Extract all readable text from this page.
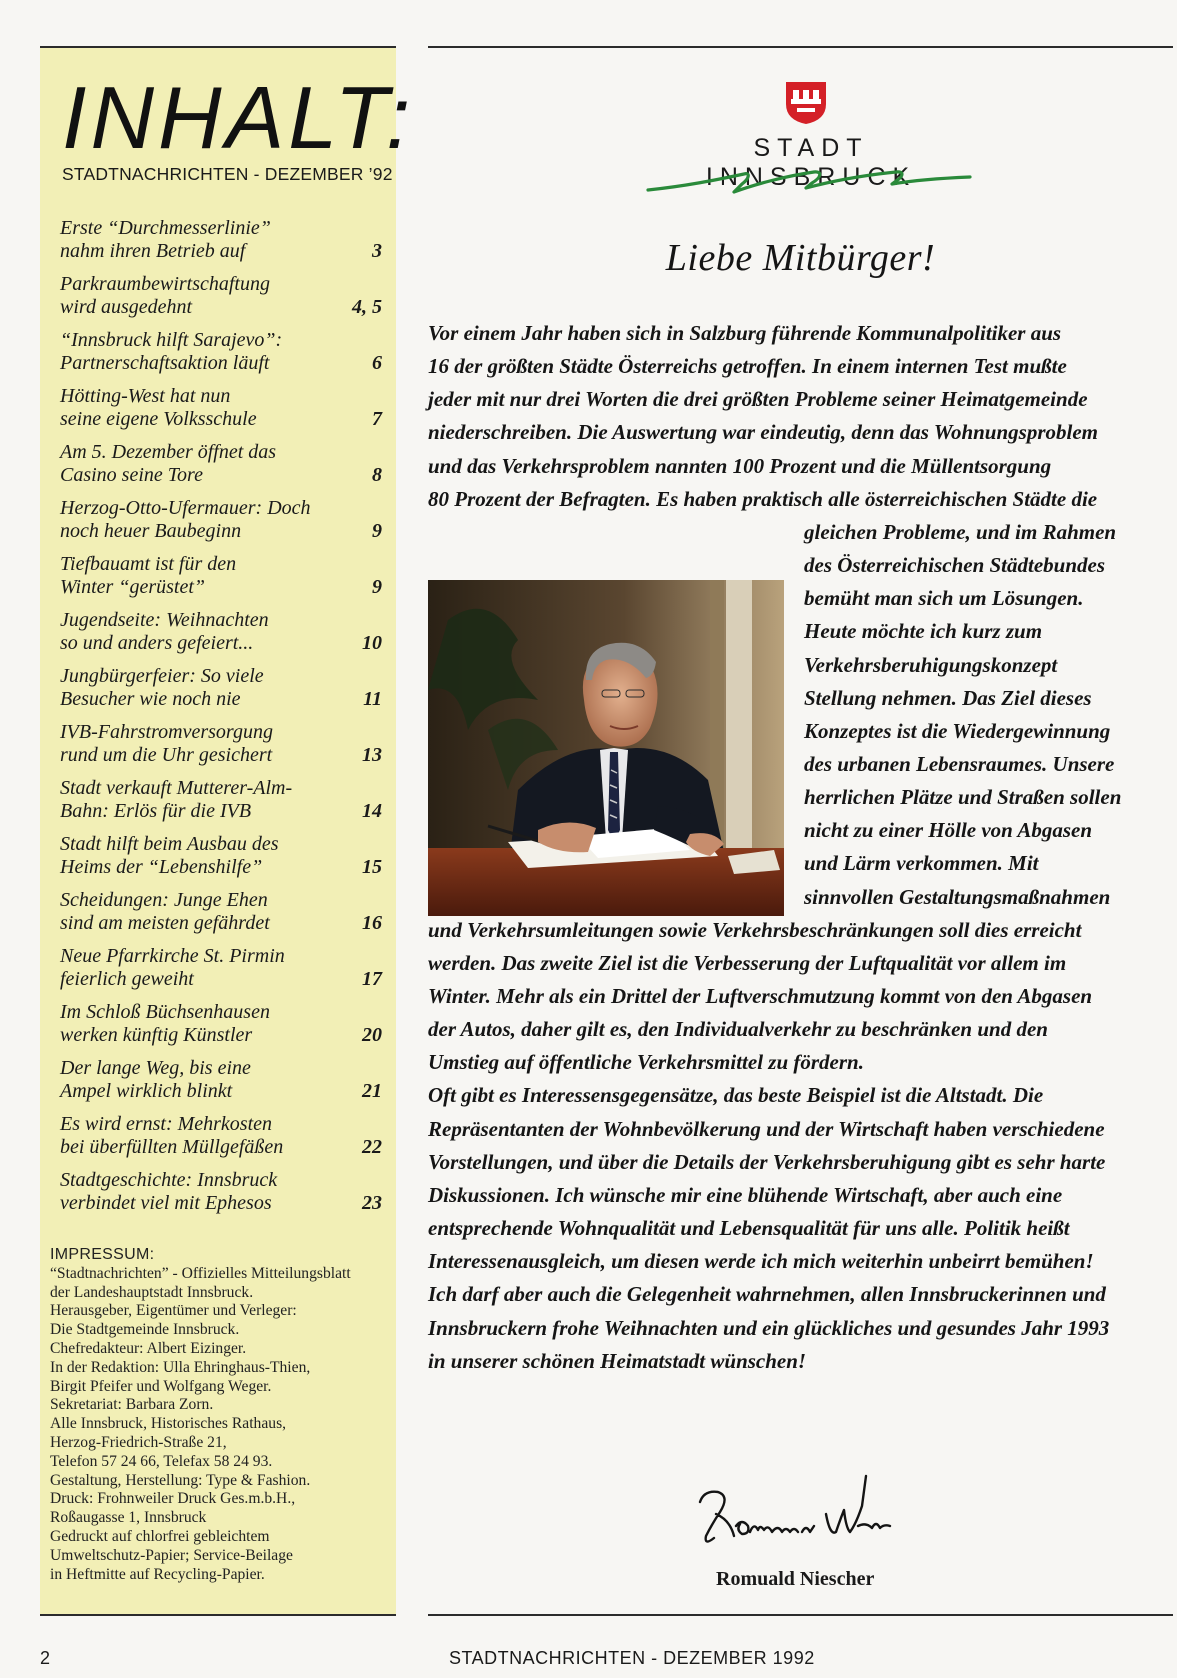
INHALT:
STADTNACHRICHTEN - DEZEMBER ’92
Erste “Durchmesserlinie”
nahm ihren Betrieb auf	3
Parkraumbewirtschaftung
wird ausgedehnt	4, 5
“Innsbruck hilft Sarajevo”:
Partnerschaftsaktion läuft	6
Hötting-West hat nun
seine eigene Volksschule	7
Am 5. Dezember öffnet das
Casino seine Tore	8
Herzog-Otto-Ufermauer: Doch
noch heuer Baubeginn	9
Tiefbauamt ist für den
Winter “gerüstet”	9
Jugendseite: Weihnachten
so und anders gefeiert...	10
Jungbürgerfeier: So viele
Besucher wie noch nie	11
IVB-Fahrstromversorgung
rund um die Uhr gesichert	13
Stadt verkauft Mutterer-Alm-
Bahn: Erlös für die IVB	14
Stadt hilft beim Ausbau des
Heims der “Lebenshilfe”	15
Scheidungen: Junge Ehen
sind am meisten gefährdet	16
Neue Pfarrkirche St. Pirmin
feierlich geweiht	17
Im Schloß Büchsenhausen
werken künftig Künstler	20
Der lange Weg, bis eine
Ampel wirklich blinkt	21
Es wird ernst: Mehrkosten
bei überfüllten Müllgefäßen	22
Stadtgeschichte: Innsbruck
verbindet viel mit Ephesos	23
IMPRESSUM:
“Stadtnachrichten” - Offizielles Mitteilungsblatt
der Landeshauptstadt Innsbruck.
Herausgeber, Eigentümer und Verleger:
Die Stadtgemeinde Innsbruck.
Chefredakteur: Albert Eizinger.
In der Redaktion: Ulla Ehringhaus-Thien,
Birgit Pfeifer und Wolfgang Weger.
Sekretariat: Barbara Zorn.
Alle Innsbruck, Historisches Rathaus,
Herzog-Friedrich-Straße 21,
Telefon 57 24 66, Telefax 58 24 93.
Gestaltung, Herstellung: Type & Fashion.
Druck: Frohnweiler Druck Ges.m.b.H.,
Roßaugasse 1, Innsbruck
Gedruckt auf chlorfrei gebleichtem
Umweltschutz-Papier; Service-Beilage
in Heftmitte auf Recycling-Papier.
STADT INNSBRUCK
Liebe Mitbürger!
Vor einem Jahr haben sich in Salzburg führende Kommunalpolitiker aus
16 der größten Städte Österreichs getroffen. In einem internen Test mußte
jeder mit nur drei Worten die drei größten Probleme seiner Heimatgemeinde
niederschreiben. Die Auswertung war eindeutig, denn das Wohnungsproblem
und das Verkehrsproblem nannten 100 Prozent und die Müllentsorgung
80 Prozent der Befragten. Es haben praktisch alle österreichischen Städte die
gleichen Probleme, und im Rahmen
des Österreichischen Städtebundes
bemüht man sich um Lösungen.
Heute möchte ich kurz zum
Verkehrsberuhigungskonzept
Stellung nehmen. Das Ziel dieses
Konzeptes ist die Wiedergewinnung
des urbanen Lebensraumes. Unsere
herrlichen Plätze und Straßen sollen
nicht zu einer Hölle von Abgasen
und Lärm verkommen. Mit
sinnvollen Gestaltungsmaßnahmen
und Verkehrsumleitungen sowie Verkehrsbeschränkungen soll dies erreicht
werden. Das zweite Ziel ist die Verbesserung der Luftqualität vor allem im
Winter. Mehr als ein Drittel der Luftverschmutzung kommt von den Abgasen
der Autos, daher gilt es, den Individualverkehr zu beschränken und den
Umstieg auf öffentliche Verkehrsmittel zu fördern.
Oft gibt es Interessensgegensätze, das beste Beispiel ist die Altstadt. Die
Repräsentanten der Wohnbevölkerung und der Wirtschaft haben verschiedene
Vorstellungen, und über die Details der Verkehrsberuhigung gibt es sehr harte
Diskussionen. Ich wünsche mir eine blühende Wirtschaft, aber auch eine
entsprechende Wohnqualität und Lebensqualität für uns alle. Politik heißt
Interessenausgleich, um diesen werde ich mich weiterhin unbeirrt bemühen!
Ich darf aber auch die Gelegenheit wahrnehmen, allen Innsbruckerinnen und
Innsbruckern frohe Weihnachten und ein glückliches und gesundes Jahr 1993
in unserer schönen Heimatstadt wünschen!
Romuald Niescher
2	STADTNACHRICHTEN - DEZEMBER 1992
